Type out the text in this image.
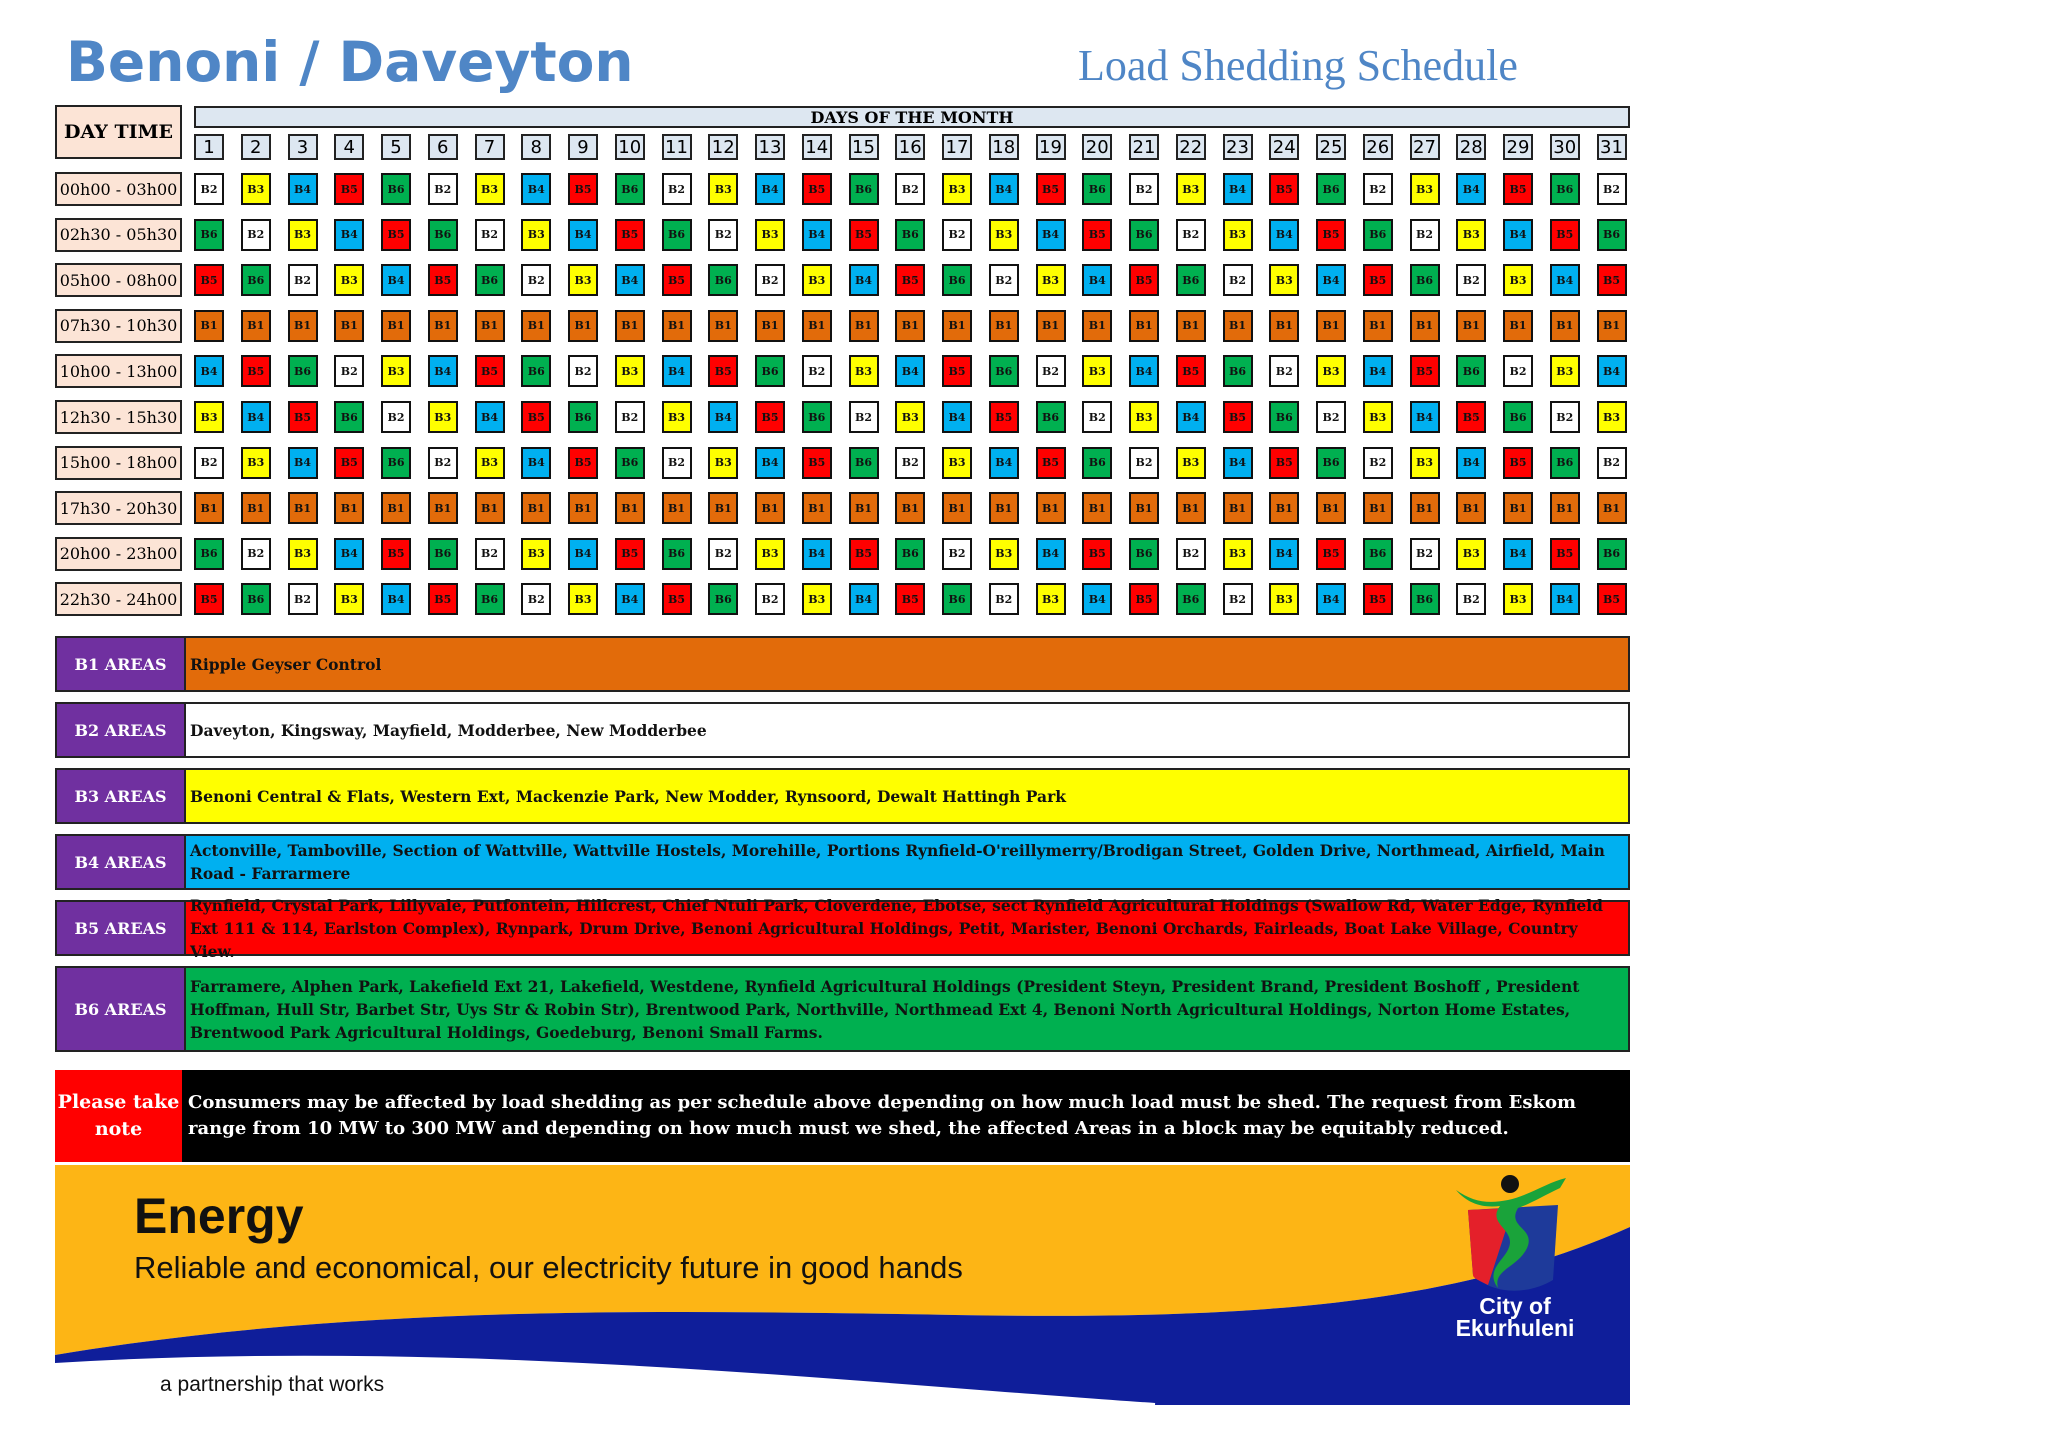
Benoni / Daveyton	Load Shedding Schedule
DAY TIME
DAYS OF THE MONTH
1	2	3	4	5	6	7	8	9	10 11 12 13 14 15 16 17 18 19 20 21 22 23 24 25 26 27 28 29 30 31
00h00 - 03h00	B2	B3	B4	B5	B6	B2	B3	B4	B5	B6	B2	B3	B4	B5	B6	B2	B3	B4	B5	B6	B2	B3	B4	B5	B6	B2	B3	B4	B5	B6	B2
02h30 - 05h30	B6	B2	B3	B4	B5	B6	B2	B3	B4	B5	B6	B2	B3	B4	B5	B6	B2	B3	B4	B5	B6	B2	B3	B4	B5	B6	B2	B3	B4	B5	B6
05h00 - 08h00	B5	B6	B2	B3	B4	B5	B6	B2	B3	B4	B5	B6	B2	B3	B4	B5	B6	B2	B3	B4	B5	B6	B2	B3	B4	B5	B6	B2	B3	B4	B5
07h30 - 10h30	B1	B1	B1	B1	B1	B1	B1	B1	B1	B1	B1	B1	B1	B1	B1	B1	B1	B1	B1	B1	B1	B1	B1	B1	B1	B1	B1	B1	B1	B1	B1
10h00 - 13h00	B4	B5	B6	B2	B3	B4	B5	B6	B2	B3	B4	B5	B6	B2	B3	B4	B5	B6	B2	B3	B4	B5	B6	B2	B3	B4	B5	B6	B2	B3	B4
12h30 - 15h30	B3	B4	B5	B6	B2	B3	B4	B5	B6	B2	B3	B4	B5	B6	B2	B3	B4	B5	B6	B2	B3	B4	B5	B6	B2	B3	B4	B5	B6	B2	B3
15h00 - 18h00	B2	B3	B4	B5	B6	B2	B3	B4	B5	B6	B2	B3	B4	B5	B6	B2	B3	B4	B5	B6	B2	B3	B4	B5	B6	B2	B3	B4	B5	B6	B2
17h30 - 20h30	B1	B1	B1	B1	B1	B1	B1	B1	B1	B1	B1	B1	B1	B1	B1	B1	B1	B1	B1	B1	B1	B1	B1	B1	B1	B1	B1	B1	B1	B1	B1
20h00 - 23h00	B6	B2	B3	B4	B5	B6	B2	B3	B4	B5	B6	B2	B3	B4	B5	B6	B2	B3	B4	B5	B6	B2	B3	B4	B5	B6	B2	B3	B4	B5	B6
22h30 - 24h00	B5	B6	B2	B3	B4	B5	B6	B2	B3	B4	B5	B6	B2	B3	B4	B5	B6	B2	B3	B4	B5	B6	B2	B3	B4	B5	B6	B2	B3	B4	B5
B1 AREAS	Ripple Geyser Control
B2 AREAS	Daveyton, Kingsway, Mayfield, Modderbee, New Modderbee
B3 AREAS	Benoni Central & Flats, Western Ext, Mackenzie Park, New Modder, Rynsoord, Dewalt Hattingh Park
B4 AREAS
Actonville, Tamboville, Section of Wattville, Wattville Hostels, Morehille, Portions Rynfield-O'reillymerry/Brodigan Street, Golden Drive, Northmead, Airfield, Main Road - Farrarmere
B5 AREAS
Rynfield, Crystal Park, Lillyvale, Putfontein, Hillcrest, Chief Ntuli Park, Cloverdene, Ebotse, sect Rynfield Agricultural Holdings (Swallow Rd, Water Edge, Rynfield Ext 111 & 114, Earlston Complex), Rynpark, Drum Drive, Benoni Agricultural Holdings, Petit, Marister, Benoni Orchards, Fairleads, Boat Lake Village, Country View.
B6 AREAS
Farramere, Alphen Park, Lakefield Ext 21, Lakefield, Westdene, Rynfield Agricultural Holdings (President Steyn, President Brand, President Boshoff , President Hoffman, Hull Str, Barbet Str, Uys Str & Robin Str), Brentwood Park, Northville, Northmead Ext 4, Benoni North Agricultural Holdings, Norton Home Estates, Brentwood Park Agricultural Holdings, Goedeburg, Benoni Small Farms.
Please take note
Consumers may be affected by load shedding as per schedule above depending on how much load must be shed. The request from Eskom range from 10 MW to 300 MW and depending on how much must we shed, the affected Areas in a block may be equitably reduced.
Energy
Reliable and economical, our electricity future in good hands
a partnership that works
City of Ekurhuleni
